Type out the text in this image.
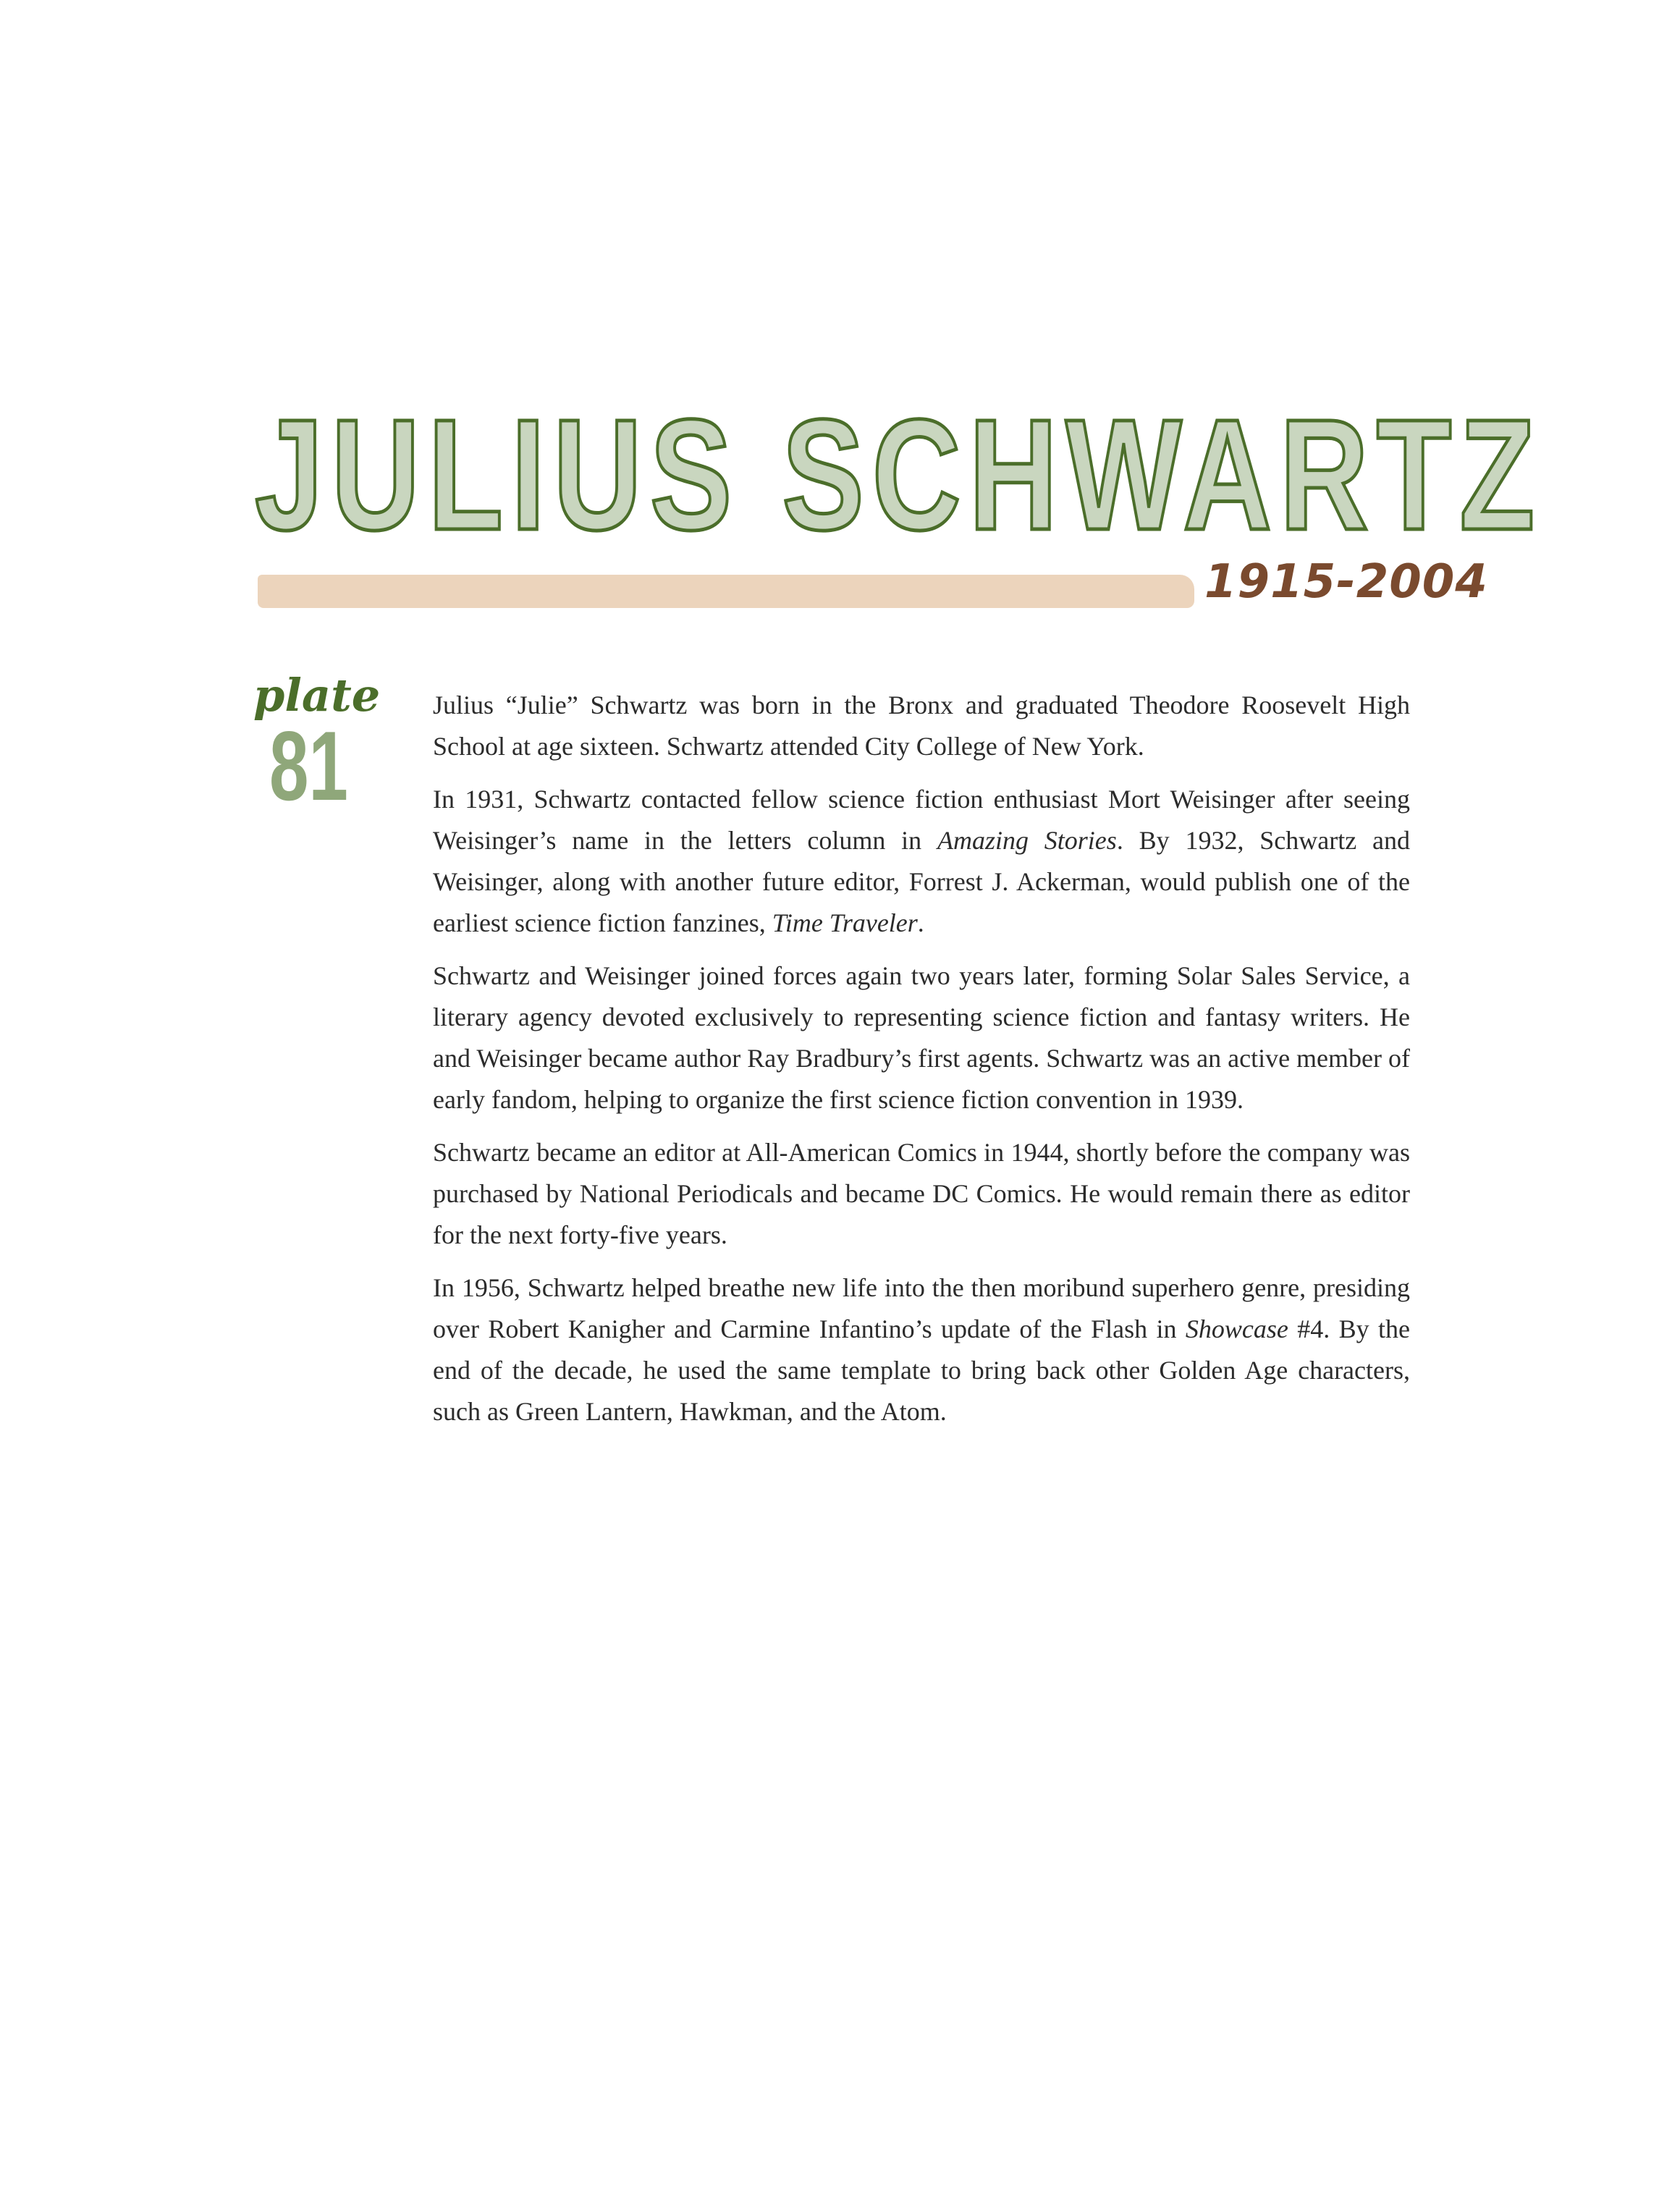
JULIUS SCHWARTZ
1915-2004
plate
81

Julius “Julie” Schwartz was born in the Bronx and graduated Theodore Roosevelt High School at age sixteen. Schwartz attended City College of New York.

In 1931, Schwartz contacted fellow science fiction enthusiast Mort Weisinger after seeing Weisinger’s name in the letters column in Amazing Stories. By 1932, Schwartz and Weisinger, along with another future editor, Forrest J. Ackerman, would publish one of the earliest science fiction fanzines, Time Traveler.

Schwartz and Weisinger joined forces again two years later, forming Solar Sales Service, a literary agency devoted exclusively to representing science fiction and fantasy writers. He and Weisinger became author Ray Bradbury’s first agents. Schwartz was an active member of early fandom, helping to organize the first science fiction convention in 1939.

Schwartz became an editor at All-American Comics in 1944, shortly before the company was purchased by National Periodicals and became DC Comics. He would remain there as editor for the next forty-five years.

In 1956, Schwartz helped breathe new life into the then moribund superhero genre, presiding over Robert Kanigher and Carmine Infantino’s update of the Flash in Showcase #4. By the end of the decade, he used the same template to bring back other Golden Age characters, such as Green Lantern, Hawkman, and the Atom.
